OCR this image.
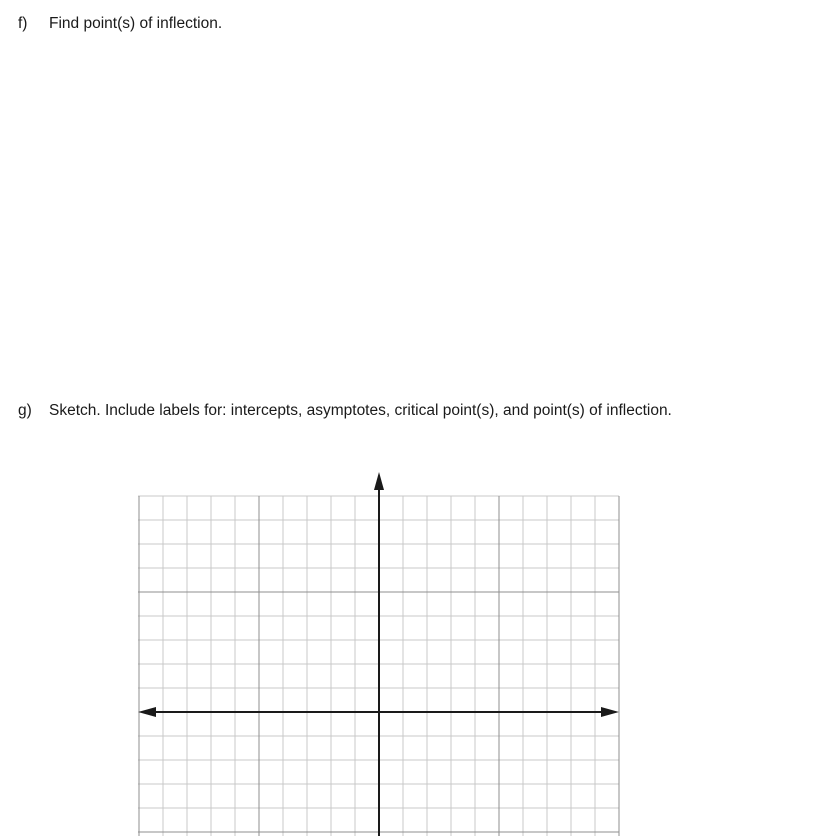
f) Find point(s) of inflection.
g) Sketch. Include labels for: intercepts, asymptotes, critical point(s), and point(s) of inflection.
